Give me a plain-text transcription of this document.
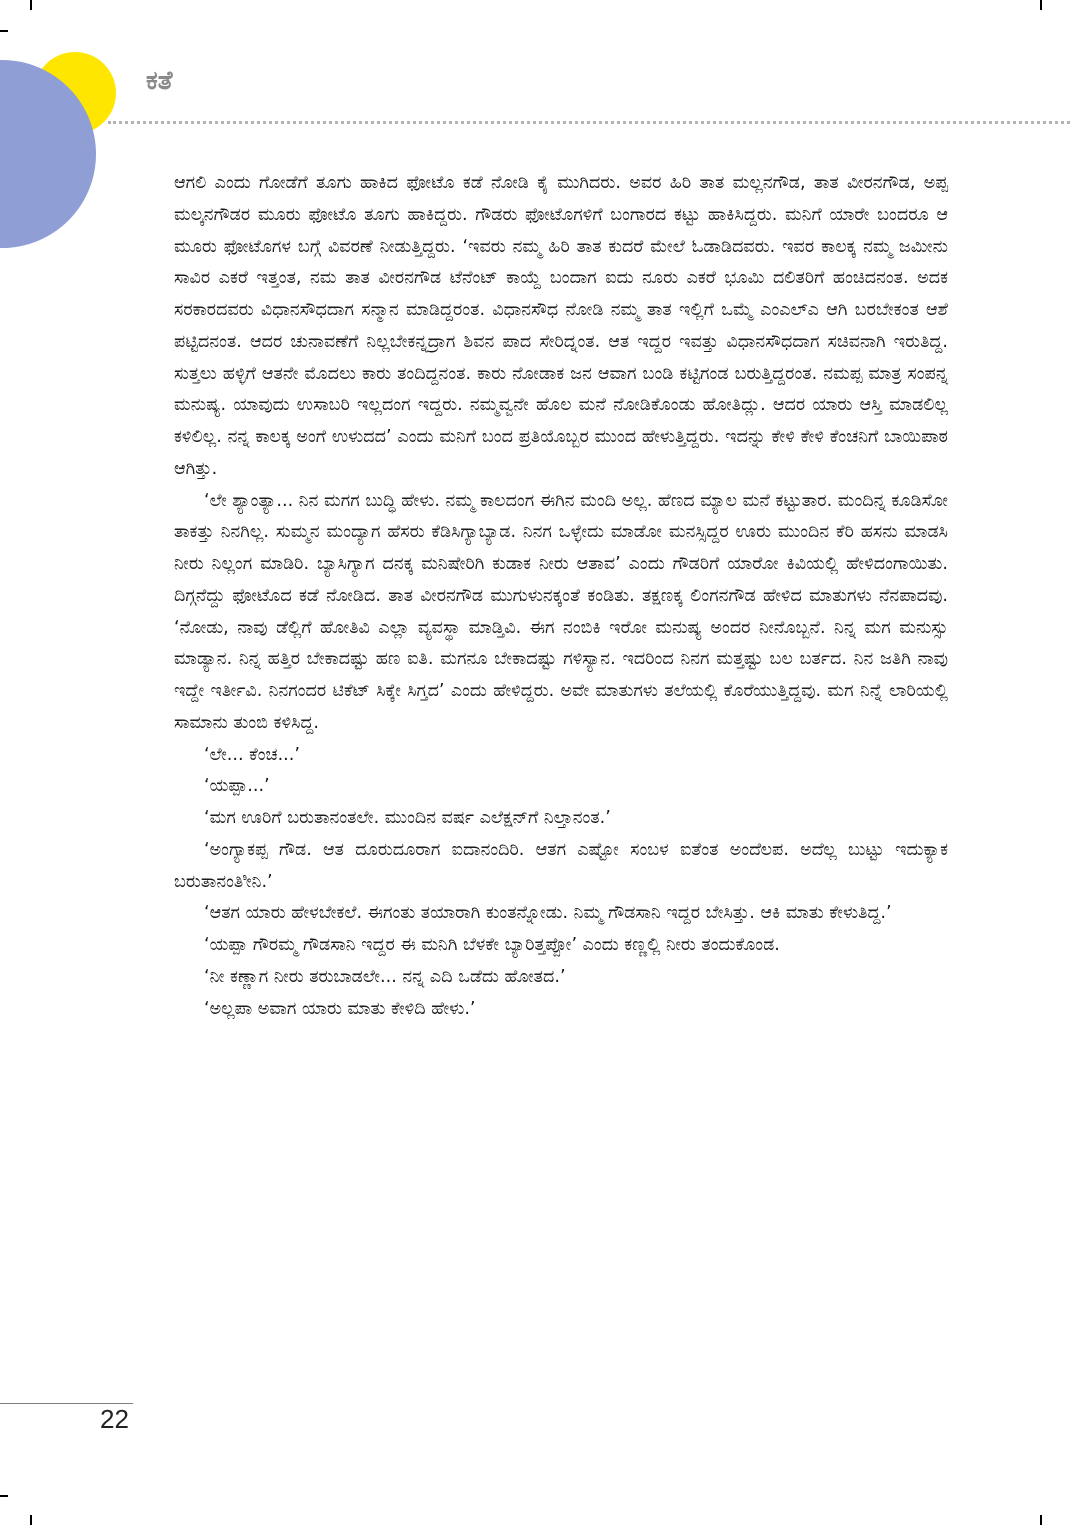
ಕತೆ

ಆಗಲಿ ಎಂದು ಗೋಡೆಗೆ ತೂಗು ಹಾಕಿದ ಫೋಟೊ ಕಡೆ ನೋಡಿ ಕೈ ಮುಗಿದರು. ಅವರ ಹಿರಿ ತಾತ ಮಲ್ಲನಗೌಡ, ತಾತ ವೀರನಗೌಡ, ಅಪ್ಪ ಮಲ್ಕನಗೌಡರ ಮೂರು ಫೋಟೊ ತೂಗು ಹಾಕಿದ್ದರು. ಗೌಡರು ಫೋಟೊಗಳಿಗೆ ಬಂಗಾರದ ಕಟ್ಟು ಹಾಕಿಸಿದ್ದರು. ಮನಿಗೆ ಯಾರೇ ಬಂದರೂ ಆ ಮೂರು ಫೋಟೊಗಳ ಬಗ್ಗೆ ವಿವರಣೆ ನೀಡುತ್ತಿದ್ದರು. ‘ಇವರು ನಮ್ಮ ಹಿರಿ ತಾತ ಕುದರೆ ಮೇಲೆ ಓಡಾಡಿದವರು. ಇವರ ಕಾಲಕ್ಕ ನಮ್ಮ ಜಮೀನು ಸಾವಿರ ಎಕರೆ ಇತ್ತಂತ, ನಮ ತಾತ ವೀರನಗೌಡ ಟೆನೆಂಟ್ ಕಾಯ್ದೆ ಬಂದಾಗ ಐದು ನೂರು ಎಕರೆ ಭೂಮಿ ದಲಿತರಿಗೆ ಹಂಚಿದನಂತ. ಅದಕ ಸರಕಾರದವರು ವಿಧಾನಸೌಧದಾಗ ಸನ್ಮಾನ ಮಾಡಿದ್ದರಂತ. ವಿಧಾನಸೌಧ ನೋಡಿ ನಮ್ಮ ತಾತ ಇಲ್ಲಿಗೆ ಒಮ್ಮೆ ಎಂಎಲ್ಎ ಆಗಿ ಬರಬೇಕಂತ ಆಶೆ ಪಟ್ಟಿದನಂತ. ಆದರ ಚುನಾವಣೆಗೆ ನಿಲ್ಲಬೇಕನ್ನದ್ರಾಗ ಶಿವನ ಪಾದ ಸೇರಿದ್ನಂತ. ಆತ ಇದ್ದರ ಇವತ್ತು ವಿಧಾನಸೌಧದಾಗ ಸಚಿವನಾಗಿ ಇರುತಿದ್ದ. ಸುತ್ತಲು ಹಳ್ಳಿಗೆ ಆತನೇ ಮೊದಲು ಕಾರು ತಂದಿದ್ದನಂತ. ಕಾರು ನೋಡಾಕ ಜನ ಆವಾಗ ಬಂಡಿ ಕಟ್ಟಿಗಂಡ ಬರುತ್ತಿದ್ದರಂತ. ನಮಪ್ಪ ಮಾತ್ರ ಸಂಪನ್ನ ಮನುಷ್ಯ. ಯಾವುದು ಉಸಾಬರಿ ಇಲ್ಲದಂಗ ಇದ್ದರು. ನಮ್ಮವ್ವನೇ ಹೊಲ ಮನೆ ನೋಡಿಕೊಂಡು ಹೋತಿದ್ಲು. ಆದರ ಯಾರು ಆಸ್ತಿ ಮಾಡಲಿಲ್ಲ ಕಳಿಲಿಲ್ಲ. ನನ್ನ ಕಾಲಕ್ಕ ಅಂಗೆ ಉಳುದದ’ ಎಂದು ಮನಿಗೆ ಬಂದ ಪ್ರತಿಯೊಬ್ಬರ ಮುಂದ ಹೇಳುತ್ತಿದ್ದರು. ಇದನ್ನು ಕೇಳಿ ಕೇಳಿ ಕೆಂಚನಿಗೆ ಬಾಯಿಪಾಠ ಆಗಿತ್ತು.

‘ಲೇ ಶ್ಯಾಂತ್ಯಾ... ನಿನ ಮಗಗ ಬುದ್ಧಿ ಹೇಳು. ನಮ್ಮ ಕಾಲದಂಗ ಈಗಿನ ಮಂದಿ ಅಲ್ಲ. ಹೆಣದ ಮ್ಯಾಲ ಮನೆ ಕಟ್ಟುತಾರ. ಮಂದಿನ್ನ ಕೂಡಿಸೋ ತಾಕತ್ತು ನಿನಗಿಲ್ಲ. ಸುಮ್ಮನ ಮಂದ್ಯಾಗ ಹೆಸರು ಕೆಡಿಸಿಗ್ಯಾಬ್ಯಾಡ. ನಿನಗ ಒಳ್ಳೇದು ಮಾಡೋ ಮನಸ್ಸಿದ್ದರ ಊರು ಮುಂದಿನ ಕೆರಿ ಹಸನು ಮಾಡಸಿ ನೀರು ನಿಲ್ಲಂಗ ಮಾಡಿರಿ. ಬ್ಯಾಸಿಗ್ಯಾಗ ದನಕ್ಕ ಮನಿಷೇರಿಗಿ ಕುಡಾಕ ನೀರು ಆತಾವ’ ಎಂದು ಗೌಡರಿಗೆ ಯಾರೋ ಕಿವಿಯಲ್ಲಿ ಹೇಳಿದಂಗಾಯಿತು. ದಿಗ್ಗನೆದ್ದು ಫೋಟೊದ ಕಡೆ ನೋಡಿದ. ತಾತ ವೀರನಗೌಡ ಮುಗುಳುನಕ್ಕಂತೆ ಕಂಡಿತು. ತಕ್ಷಣಕ್ಕ ಲಿಂಗನಗೌಡ ಹೇಳಿದ ಮಾತುಗಳು ನೆನಪಾದವು. ‘ನೋಡು, ನಾವು ಡೆಲ್ಲಿಗೆ ಹೋತಿವಿ ಎಲ್ಲಾ ವ್ಯವಸ್ಥಾ ಮಾಡ್ತಿವಿ. ಈಗ ನಂಬಿಕಿ ಇರೋ ಮನುಷ್ಯ ಅಂದರ ನೀನೊಬ್ಬನೆ. ನಿನ್ನ ಮಗ ಮನುಸ್ಸು ಮಾಡ್ಯಾನ. ನಿನ್ನ ಹತ್ತಿರ ಬೇಕಾದಷ್ಟು ಹಣ ಐತಿ. ಮಗನೂ ಬೇಕಾದಷ್ಟು ಗಳಿಸ್ಯಾನ. ಇದರಿಂದ ನಿನಗ ಮತ್ತಷ್ಟು ಬಲ ಬರ್ತದ. ನಿನ ಜತಿಗಿ ನಾವು ಇದ್ದೇ ಇರ್ತೀವಿ. ನಿನಗಂದರ ಟಿಕೆಟ್ ಸಿಕ್ಕೇ ಸಿಗ್ತದ’ ಎಂದು ಹೇಳಿದ್ದರು. ಅವೇ ಮಾತುಗಳು ತಲೆಯಲ್ಲಿ ಕೊರೆಯುತ್ತಿದ್ದವು. ಮಗ ನಿನ್ನೆ ಲಾರಿಯಲ್ಲಿ ಸಾಮಾನು ತುಂಬಿ ಕಳಿಸಿದ್ದ.

‘ಲೇ... ಕೆಂಚ...’

‘ಯಪ್ಪಾ...’

‘ಮಗ ಊರಿಗೆ ಬರುತಾನಂತಲೇ. ಮುಂದಿನ ವರ್ಷ ಎಲೆಕ್ಷನ್‌ಗೆ ನಿಲ್ತಾನಂತ.’

‘ಅಂಗ್ಯಾಕಪ್ಪ ಗೌಡ. ಆತ ದೂರುದೂರಾಗ ಐದಾನಂದಿರಿ. ಆತಗ ಎಷ್ಟೋ ಸಂಬಳ ಐತೆಂತ ಅಂದೆಲಪ. ಅದೆಲ್ಲ ಬುಟ್ಟು ಇದುಕ್ಯಾಕ ಬರುತಾನಂತಿೀನಿ.’

‘ಆತಗ ಯಾರು ಹೇಳಬೇಕಲೆ. ಈಗಂತು ತಯಾರಾಗಿ ಕುಂತನ್ನೋಡು. ನಿಮ್ಮ ಗೌಡಸಾನಿ ಇದ್ದರ ಬೇಸಿತ್ತು. ಆಕಿ ಮಾತು ಕೇಳುತಿದ್ದ.’

‘ಯಪ್ಪಾ ಗೌರಮ್ಮ ಗೌಡಸಾನಿ ಇದ್ದರ ಈ ಮನಿಗಿ ಬೆಳಕೇ ಬ್ಯಾರಿತ್ತಪ್ಪೋ’ ಎಂದು ಕಣ್ಣಲ್ಲಿ ನೀರು ತಂದುಕೊಂಡ.

‘ನೀ ಕಣ್ಣಾಗ ನೀರು ತರುಬಾಡಲೇ... ನನ್ನ ಎದಿ ಒಡೆದು ಹೋತದ.’

‘ಅಲ್ಲಪಾ ಅವಾಗ ಯಾರು ಮಾತು ಕೇಳಿದಿ ಹೇಳು.’

22
